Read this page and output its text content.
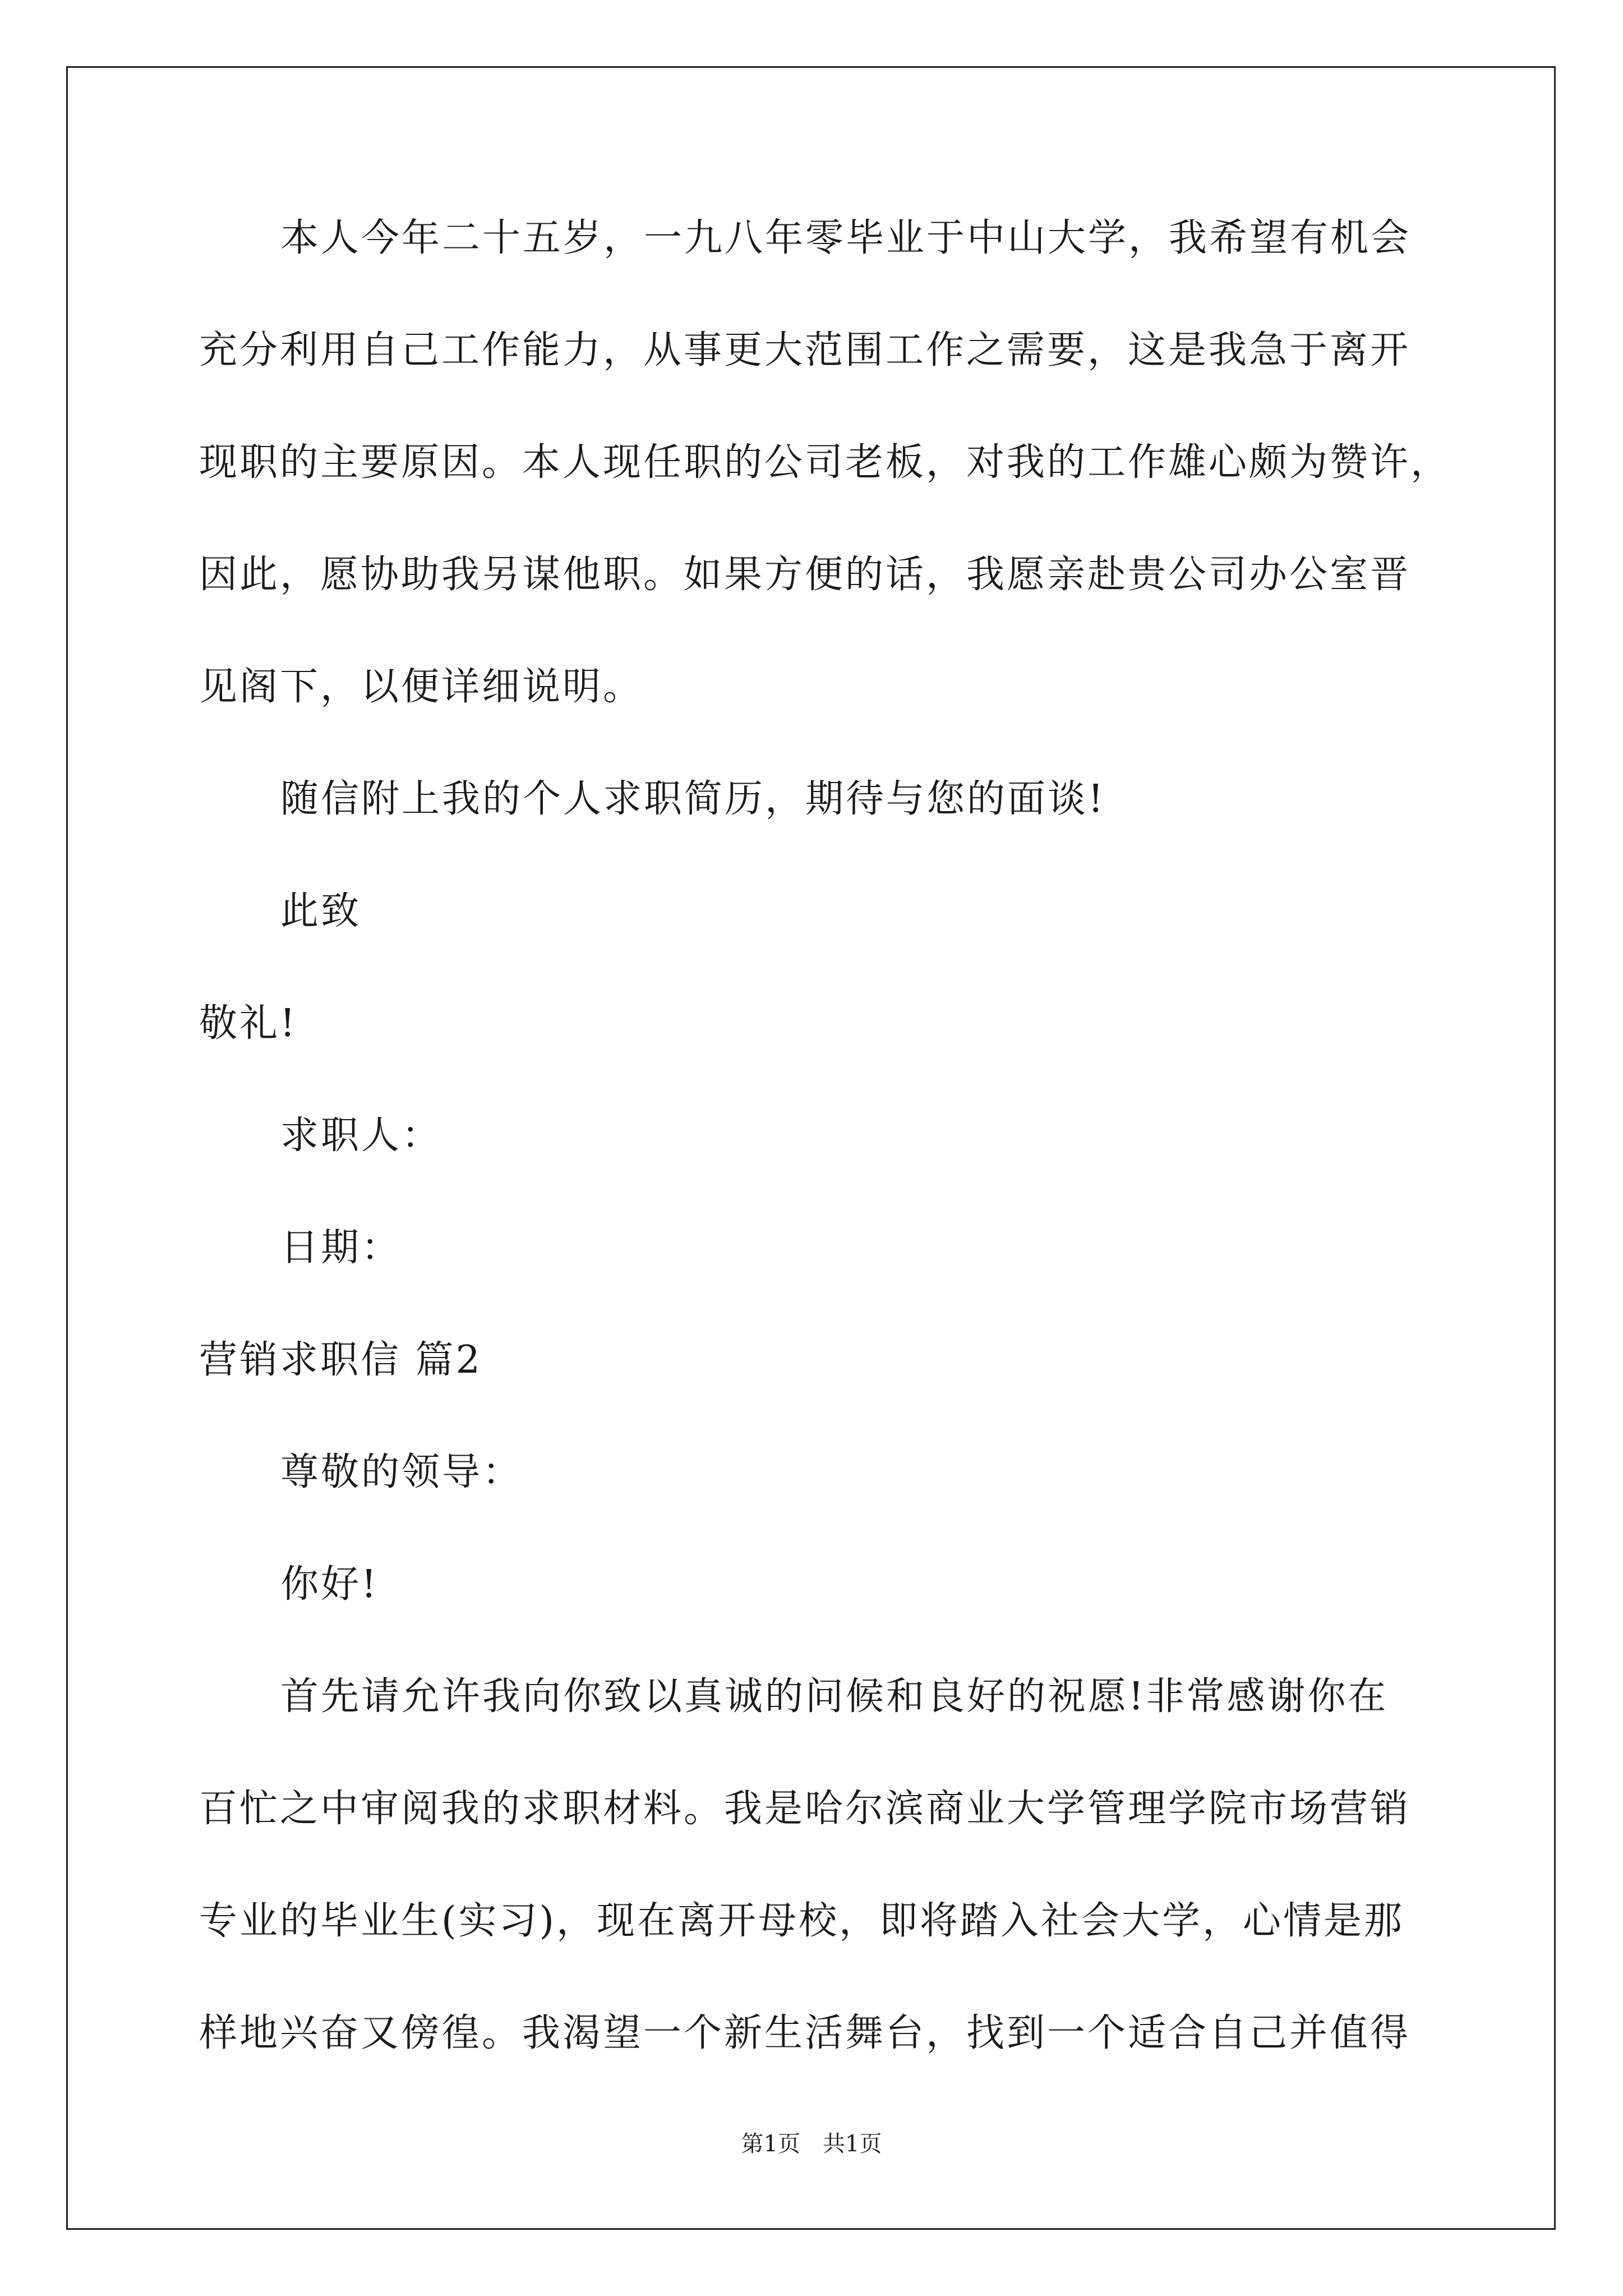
本人今年二十五岁，一九八年零毕业于中山大学，我希望有机会
充分利用自己工作能力，从事更大范围工作之需要，这是我急于离开
现职的主要原因。本人现任职的公司老板，对我的工作雄心颇为赞许，
因此，愿协助我另谋他职。如果方便的话，我愿亲赴贵公司办公室晋
见阁下，以便详细说明。
随信附上我的个人求职简历，期待与您的面谈!
此致
敬礼!
求职人：
日期：
营销求职信 篇2
尊敬的领导：
你好!
首先请允许我向你致以真诚的问候和良好的祝愿!非常感谢你在
百忙之中审阅我的求职材料。我是哈尔滨商业大学管理学院市场营销
专业的毕业生(实习)，现在离开母校，即将踏入社会大学，心情是那
样地兴奋又傍徨。我渴望一个新生活舞台，找到一个适合自己并值得
第1页　共1页
